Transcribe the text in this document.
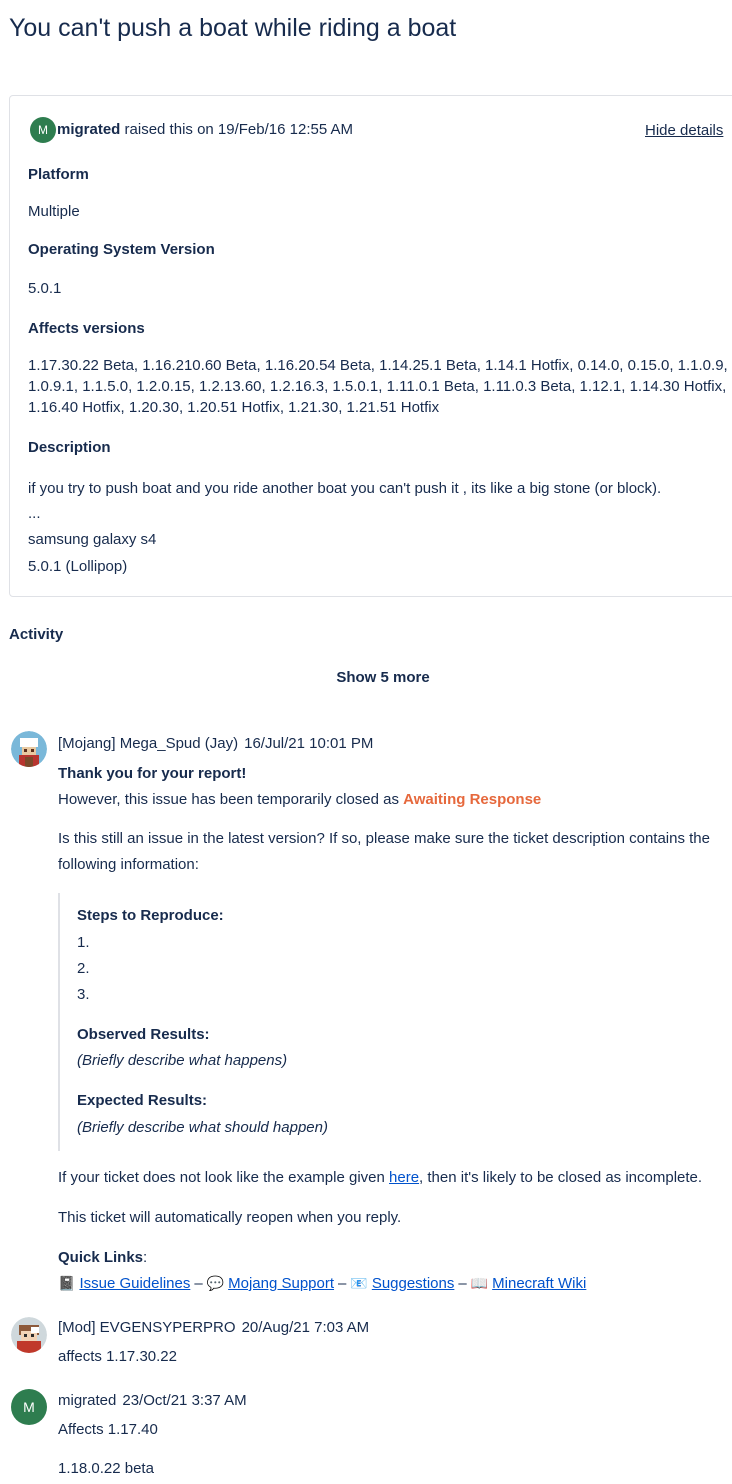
You can't push a boat while riding a boat
M migrated raised this on 19/Feb/16 12:55 AM	Hide details
Platform
Multiple
Operating System Version
5.0.1
Affects versions
1.17.30.22 Beta, 1.16.210.60 Beta, 1.16.20.54 Beta, 1.14.25.1 Beta, 1.14.1 Hotfix, 0.14.0, 0.15.0, 1.1.0.9, 1.0.9.1, 1.1.5.0, 1.2.0.15, 1.2.13.60, 1.2.16.3, 1.5.0.1, 1.11.0.1 Beta, 1.11.0.3 Beta, 1.12.1, 1.14.30 Hotfix, 1.16.40 Hotfix, 1.20.30, 1.20.51 Hotfix, 1.21.30, 1.21.51 Hotfix
Description
if you try to push boat and you ride another boat you can't push it , its like a big stone (or block).
...
samsung galaxy s4
5.0.1 (Lollipop)
Activity
Show 5 more
[Mojang] Mega_Spud (Jay) 16/Jul/21 10:01 PM
Thank you for your report!
However, this issue has been temporarily closed as Awaiting Response
Is this still an issue in the latest version? If so, please make sure the ticket description contains the following information:
Steps to Reproduce:
1.
2.
3.
Observed Results:
(Briefly describe what happens)
Expected Results:
(Briefly describe what should happen)
If your ticket does not look like the example given here, then it's likely to be closed as incomplete.
This ticket will automatically reopen when you reply.
Quick Links:
📓 Issue Guidelines – 💬 Mojang Support – 📧 Suggestions – 📖 Minecraft Wiki
[Mod] EVGENSYPERPRO 20/Aug/21 7:03 AM
affects 1.17.30.22
M migrated 23/Oct/21 3:37 AM
Affects 1.17.40
1.18.0.22 beta
